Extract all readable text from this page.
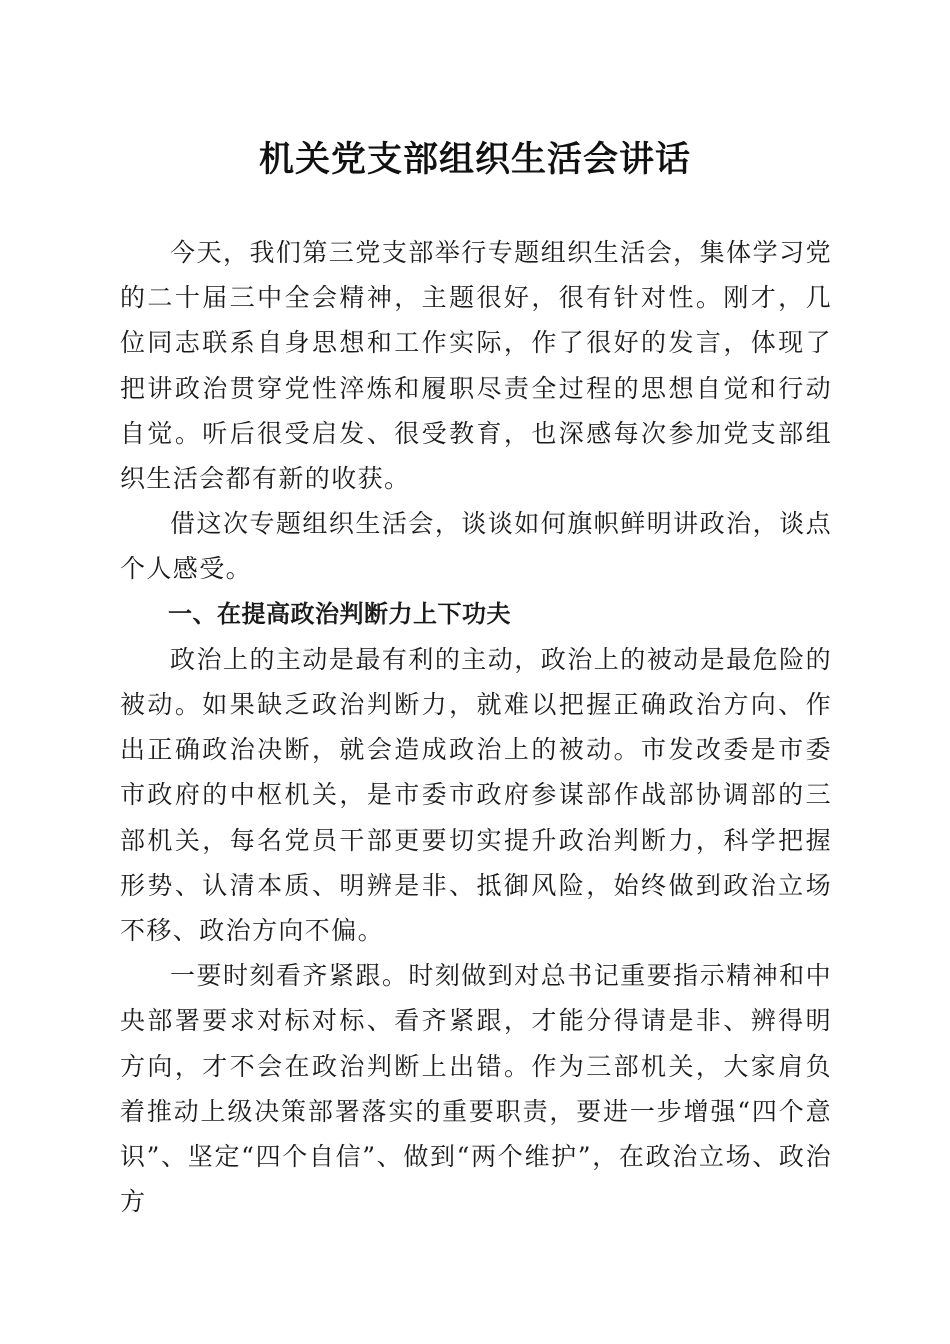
机关党支部组织生活会讲话

今天，我们第三党支部举行专题组织生活会，集体学习党的二十届三中全会精神，主题很好，很有针对性。刚才，几位同志联系自身思想和工作实际，作了很好的发言，体现了把讲政治贯穿党性淬炼和履职尽责全过程的思想自觉和行动自觉。听后很受启发、很受教育，也深感每次参加党支部组织生活会都有新的收获。

借这次专题组织生活会，谈谈如何旗帜鲜明讲政治，谈点个人感受。

一、在提高政治判断力上下功夫

政治上的主动是最有利的主动，政治上的被动是最危险的被动。如果缺乏政治判断力，就难以把握正确政治方向、作出正确政治决断，就会造成政治上的被动。市发改委是市委市政府的中枢机关，是市委市政府参谋部作战部协调部的三部机关，每名党员干部更要切实提升政治判断力，科学把握形势、认清本质、明辨是非、抵御风险，始终做到政治立场不移、政治方向不偏。

一要时刻看齐紧跟。时刻做到对总书记重要指示精神和中央部署要求对标对标、看齐紧跟，才能分得请是非、辨得明方向，才不会在政治判断上出错。作为三部机关，大家肩负着推动上级决策部署落实的重要职责，要进一步增强“四个意识”、坚定“四个自信”、做到“两个维护”，在政治立场、政治方
